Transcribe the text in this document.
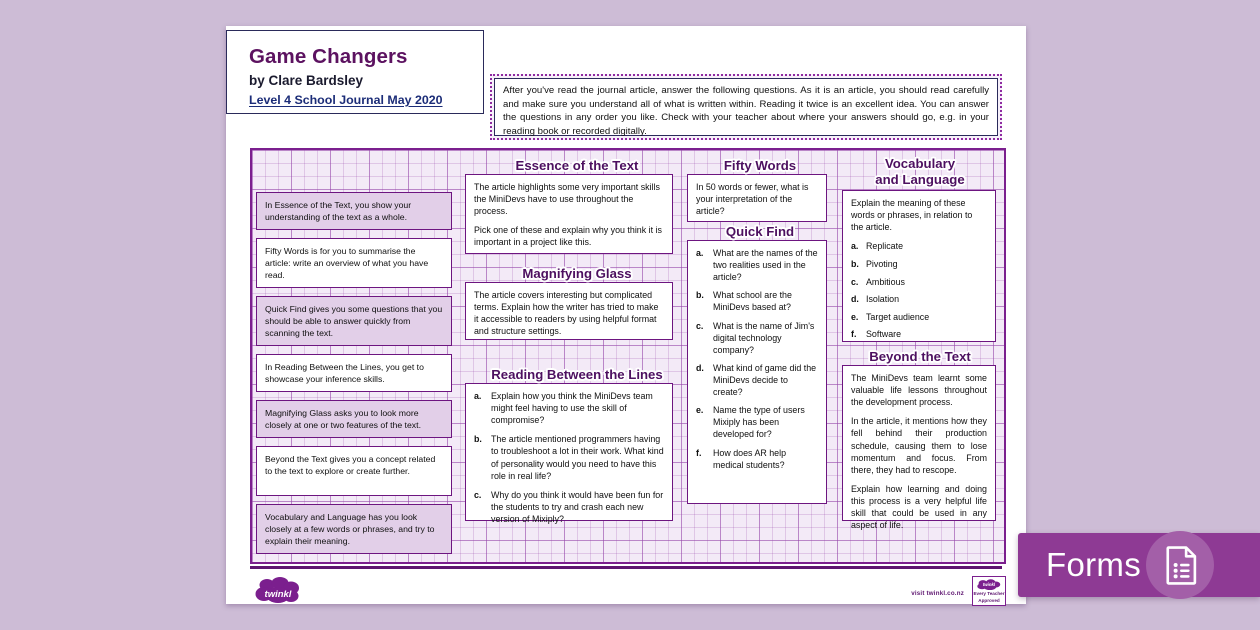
Game Changers
by Clare Bardsley
Level 4 School Journal May 2020
After you've read the journal article, answer the following questions. As it is an article, you should read carefully and make sure you understand all of what is written within. Reading it twice is an excellent idea. You can answer the questions in any order you like. Check with your teacher about where your answers should go, e.g. in your reading book or recorded digitally.
In Essence of the Text, you show your understanding of the text as a whole.
Fifty Words is for you to summarise the article: write an overview of what you have read.
Quick Find gives you some questions that you should be able to answer quickly from scanning the text.
In Reading Between the Lines, you get to showcase your inference skills.
Magnifying Glass asks you to look more closely at one or two features of the text.
Beyond the Text gives you a concept related to the text to explore or create further.
Vocabulary and Language has you look closely at a few words or phrases, and try to explain their meaning.
Essence of the Text

The article highlights some very important skills the MiniDevs have to use throughout the process.

Pick one of these and explain why you think it is important in a project like this.

Magnifying Glass

The article covers interesting but complicated terms. Explain how the writer has tried to make it accessible to readers by using helpful format and structure settings.

Reading Between the Lines
a. Explain how you think the MiniDevs team might feel having to use the skill of compromise?
b. The article mentioned programmers having to troubleshoot a lot in their work. What kind of personality would you need to have this role in real life?
c. Why do you think it would have been fun for the students to try and crash each new version of Mixiply?
Fifty Words

In 50 words or fewer, what is your interpretation of the article?

Quick Find
a. What are the names of the two realities used in the article?
b. What school are the MiniDevs based at?
c. What is the name of Jim's digital technology company?
d. What kind of game did the MiniDevs decide to create?
e. Name the type of users Mixiply has been developed for?
f. How does AR help medical students?
Vocabulary
and Language

Explain the meaning of these words or phrases, in relation to the article.

a. Replicate
b. Pivoting
c. Ambitious
d. Isolation
e. Target audience
f. Software
Beyond the Text

The MiniDevs team learnt some valuable life lessons throughout the development process.

In the article, it mentions how they fell behind their production schedule, causing them to lose momentum and focus. From there, they had to rescope.

Explain how learning and doing this process is a very helpful life skill that could be used in any aspect of life.

twinkl	visit twinkl.co.nz
twinkl
Every Teacher
Approved
Forms
